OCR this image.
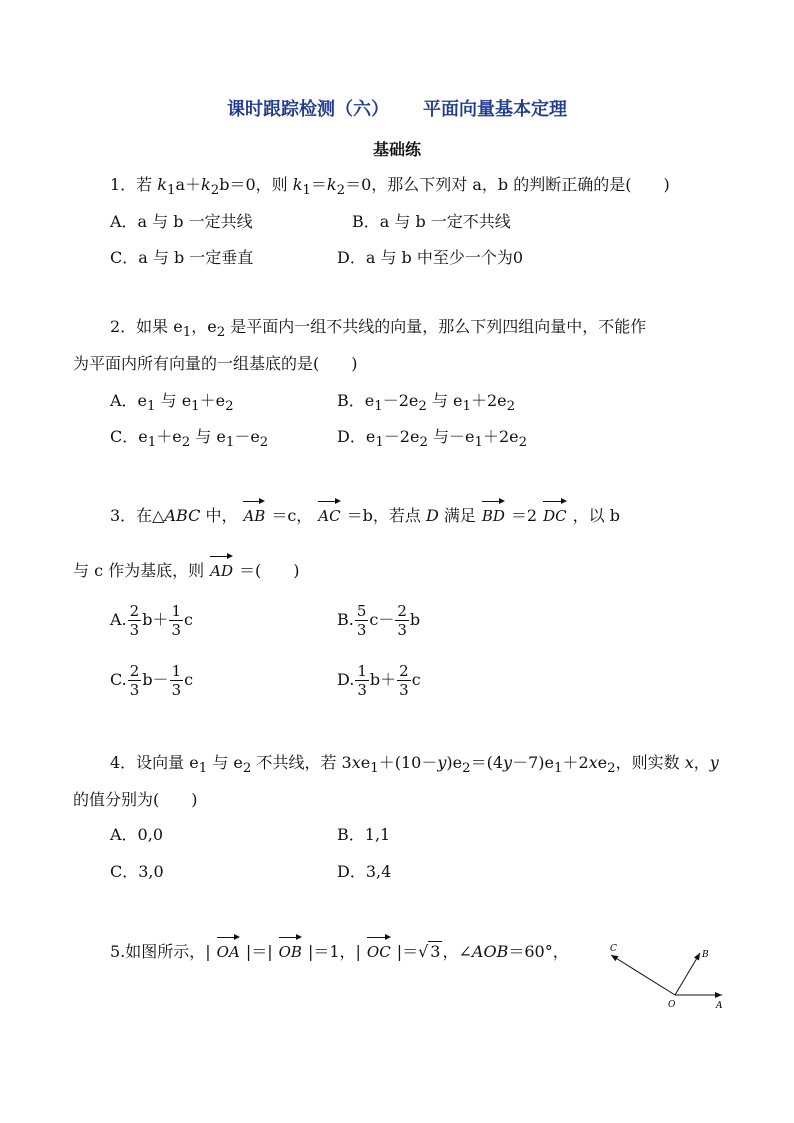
课时跟踪检测（六） 平面向量基本定理
基础练
1．若 $k_1a+k_2b=0$，则 $k_1=k_2=0$，那么下列对 a，b 的判断正确的是(　　)
A．a 与 b 一定共线	B．a 与 b 一定不共线
C．a 与 b 一定垂直	D．a 与 b 中至少一个为0
2．如果 $e_1$，$e_2$ 是平面内一组不共线的向量，那么下列四组向量中，不能作
为平面内所有向量的一组基底的是(　　)
A．$e_1$ 与 $e_1+e_2$	B．$e_1-2e_2$ 与 $e_1+2e_2$
C．$e_1+e_2$ 与 $e_1-e_2$	D．$e_1-2e_2$ 与$-e_1+2e_2$
3．在△ABC 中， AB ＝c， AC ＝b，若点 D 满足 BD ＝2 DC ，以 b
与 c 作为基底，则 AD ＝(　　)
A. $\frac{2}{3} b+ \frac{1}{3}$ c	B. $\frac{5}{3} c- \frac{2}{3}$ b
C. $\frac{2}{3} b- \frac{1}{3}$ c	D. $\frac{1}{3} b+ \frac{2}{3}$ c
4．设向量 $e_1$ 与 $e_2$ 不共线，若 $3xe_1+(10-y)e_2=(4y-7)e_1+2xe_2$，则实数 x，y
的值分别为(　　)
A．0,0	B．1,1
C．3,0	D．3,4
5.如图所示，| OA |＝| OB |＝1，| OC |＝√ 3 ，∠AOB＝60°，
O	A
B
C
